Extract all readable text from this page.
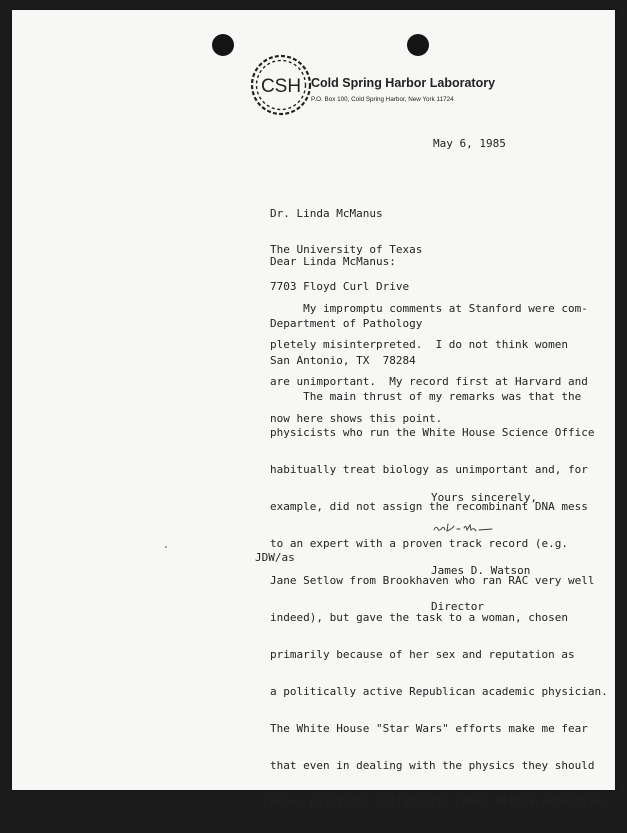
CSH Cold Spring Harbor Laboratory
P.O. Box 100, Cold Spring Harbor, New York 11724
May 6, 1985

Dr. Linda McManus

The University of Texas

7703 Floyd Curl Drive

Department of Pathology

San Antonio, TX  78284

Dear Linda McManus:

My impromptu comments at Stanford were com-

pletely misinterpreted.  I do not think women

are unimportant.  My record first at Harvard and

now here shows this point.

The main thrust of my remarks was that the

physicists who run the White House Science Office

habitually treat biology as unimportant and, for

example, did not assign the recombinant DNA mess

to an expert with a proven track record (e.g.

Jane Setlow from Brookhaven who ran RAC very well

indeed), but gave the task to a woman, chosen

primarily because of her sex and reputation as

a politically active Republican academic physician.

The White House "Star Wars" efforts make me fear

that even in dealing with the physics they should

know, political reliability comes before expertise.

Yours sincerely,

James D. Watson

Director

JDW/as
